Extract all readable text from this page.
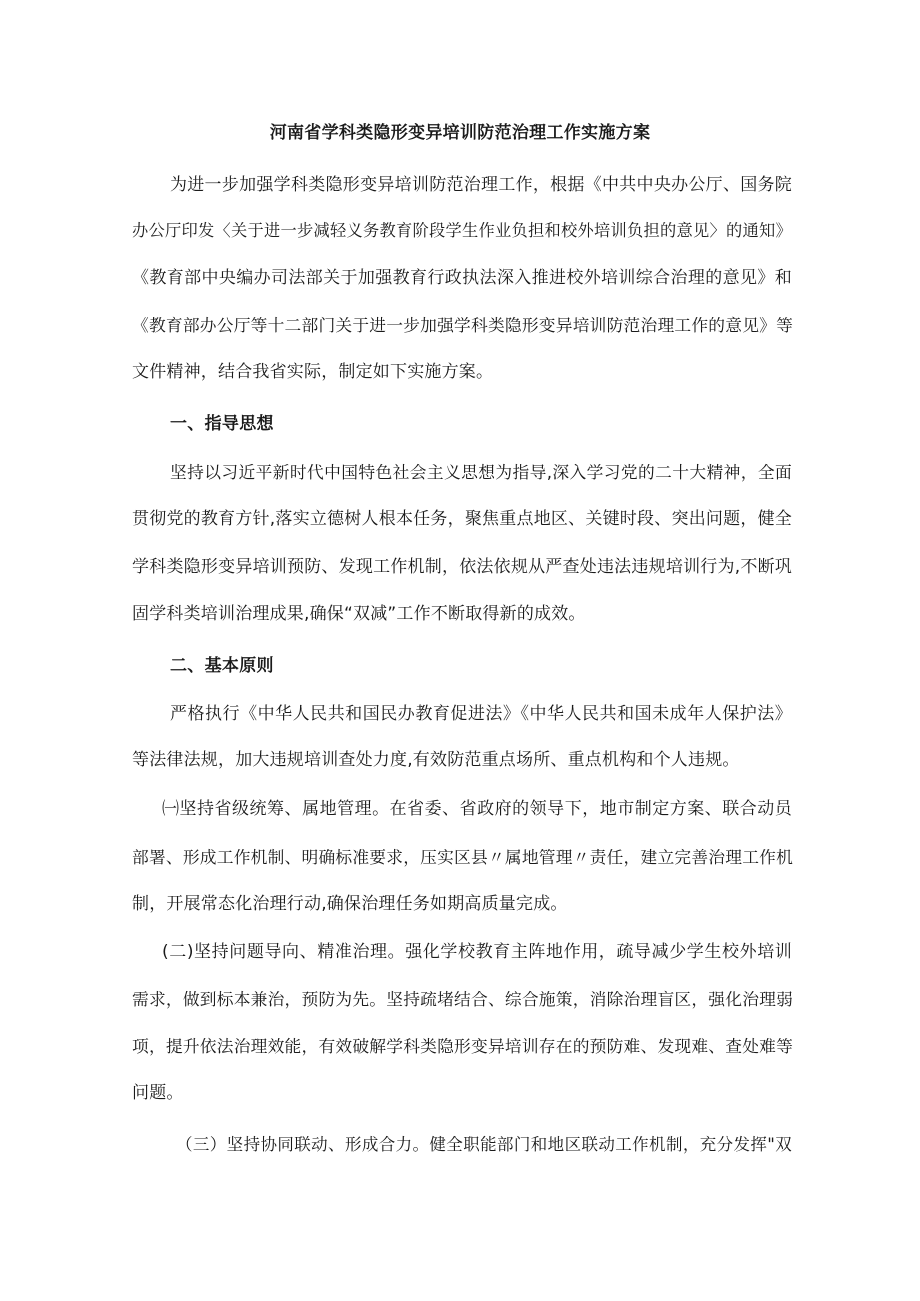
河南省学科类隐形变异培训防范治理工作实施方案

为进一步加强学科类隐形变异培训防范治理工作，根据《中共中央办公厅、国务院

办公厅印发〈关于进一步减轻义务教育阶段学生作业负担和校外培训负担的意见〉的通知》

《教育部中央编办司法部关于加强教育行政执法深入推进校外培训综合治理的意见》和

《教育部办公厅等十二部门关于进一步加强学科类隐形变异培训防范治理工作的意见》等

文件精神，结合我省实际，制定如下实施方案。

一、指导思想

坚持以习近平新时代中国特色社会主义思想为指导,深入学习党的二十大精神，全面

贯彻党的教育方针,落实立德树人根本任务，聚焦重点地区、关键时段、突出问题，健全

学科类隐形变异培训预防、发现工作机制，依法依规从严查处违法违规培训行为,不断巩

固学科类培训治理成果,确保“双减”工作不断取得新的成效。

二、基本原则

严格执行《中华人民共和国民办教育促进法》《中华人民共和国未成年人保护法》

等法律法规，加大违规培训查处力度,有效防范重点场所、重点机构和个人违规。

㈠坚持省级统筹、属地管理。在省委、省政府的领导下，地市制定方案、联合动员

部署、形成工作机制、明确标准要求，压实区县〃属地管理〃责任，建立完善治理工作机

制，开展常态化治理行动,确保治理任务如期高质量完成。

(二)坚持问题导向、精准治理。强化学校教育主阵地作用，疏导减少学生校外培训

需求，做到标本兼治，预防为先。坚持疏堵结合、综合施策，消除治理盲区，强化治理弱

项，提升依法治理效能，有效破解学科类隐形变异培训存在的预防难、发现难、查处难等

问题。

（三）坚持协同联动、形成合力。健全职能部门和地区联动工作机制，充分发挥"双
